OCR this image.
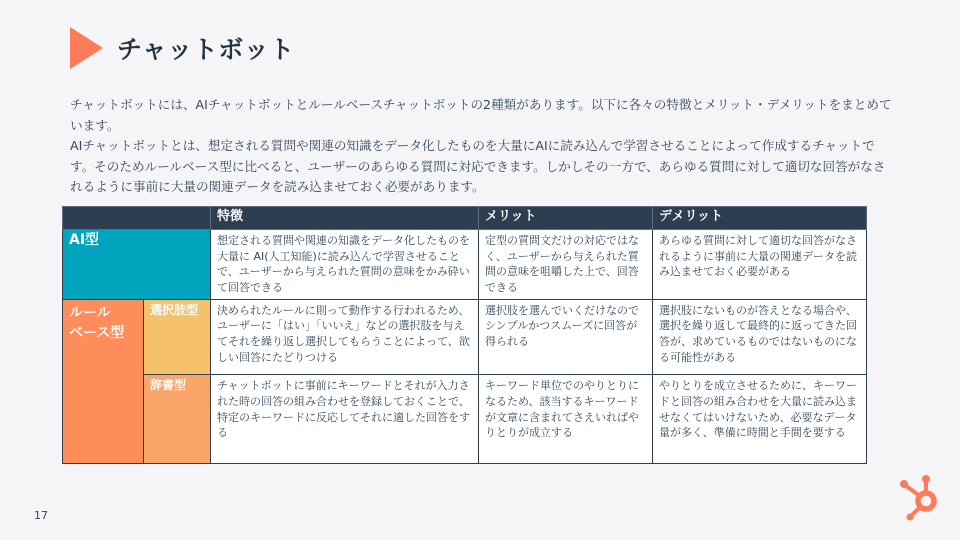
チャットボット

チャットボットには、AIチャットボットとルールベースチャットボットの2種類があります。以下に各々の特徴とメリット・デメリットをまとめています。

AIチャットボットとは、想定される質問や関連の知識をデータ化したものを大量にAIに読み込んで学習させることによって作成するチャットです。そのためルールベース型に比べると、ユーザーのあらゆる質問に対応できます。しかしその一方で、あらゆる質問に対して適切な回答がなされるように事前に大量の関連データを読み込ませておく必要があります。

		特徴	メリット	デメリット
AI型		想定される質問や関連の知識をデータ化したものを大量に AI(人工知能)に読み込んで学習させることで、ユーザーから与えられた質問の意味をかみ砕いて回答できる	定型の質問文だけの対応ではなく、ユーザーから与えられた質問の意味を咀嚼した上で、回答できる	あらゆる質問に対して適切な回答がなされるように事前に大量の関連データを読み込ませておく必要がある
ルール
ベース型	選択肢型	決められたルールに則って動作する行われるため、ユーザーに「はい」「いいえ」などの選択肢を与えてそれを繰り返し選択してもらうことによって、欲しい回答にたどりつける	選択肢を選んでいくだけなのでシンプルかつスムーズに回答が得られる	選択肢にないものが答えとなる場合や、選択を繰り返して最終的に返ってきた回答が、求めているものではないものになる可能性がある
	辞書型	チャットボットに事前にキーワードとそれが入力された時の回答の組み合わせを登録しておくことで、特定のキーワードに反応してそれに適した回答をする	キーワード単位でのやりとりになるため、該当するキーワードが文章に含まれてさえいればやりとりが成立する	やりとりを成立させるために、キーワードと回答の組み合わせを大量に読み込ませなくてはいけないため、必要なデータ量が多く、準備に時間と手間を要する
17
